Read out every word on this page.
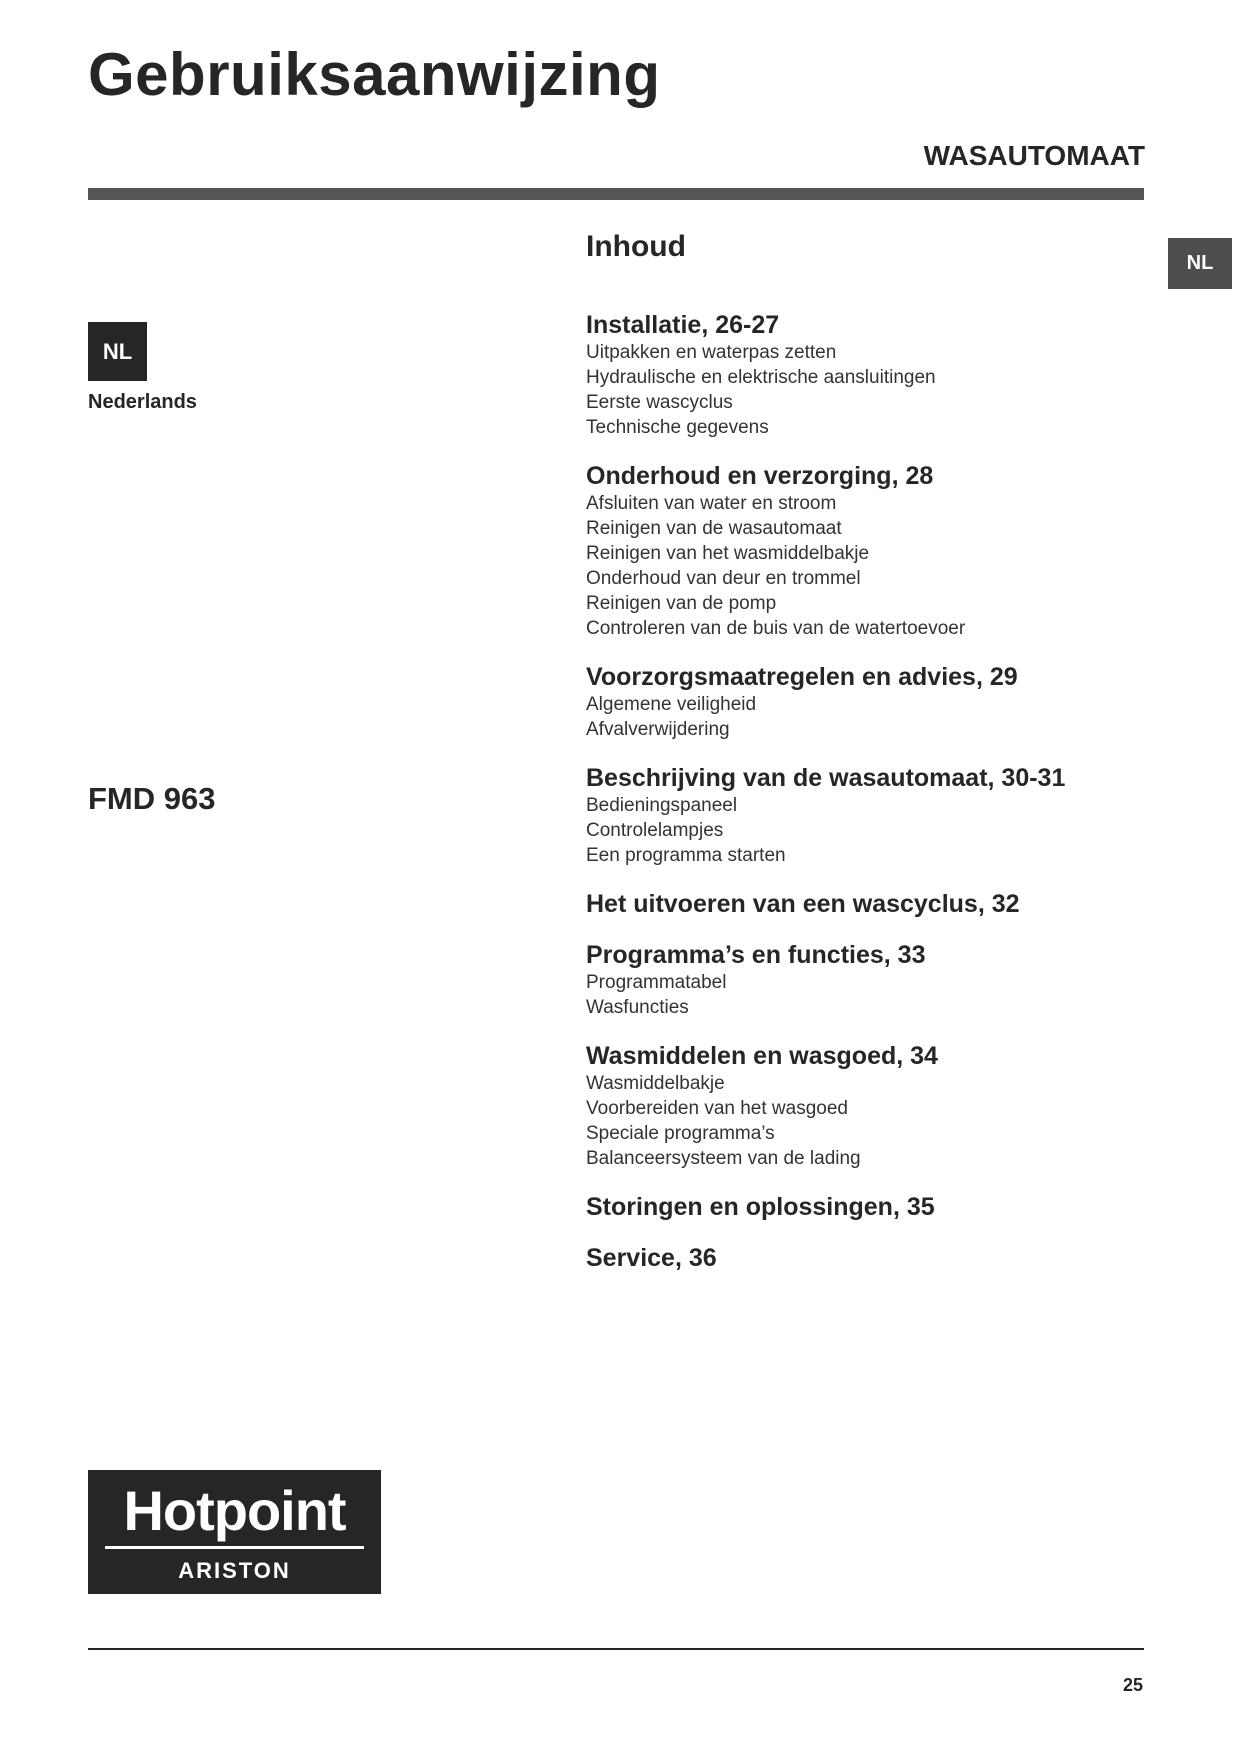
Gebruiksaanwijzing
WASAUTOMAAT
NL
NL
Nederlands
FMD 963
Inhoud
Installatie, 26-27
Uitpakken en waterpas zetten
Hydraulische en elektrische aansluitingen
Eerste wascyclus
Technische gegevens
Onderhoud en verzorging, 28
Afsluiten van water en stroom
Reinigen van de wasautomaat
Reinigen van het wasmiddelbakje
Onderhoud van deur en trommel
Reinigen van de pomp
Controleren van de buis van de watertoevoer
Voorzorgsmaatregelen en advies, 29
Algemene veiligheid
Afvalverwijdering
Beschrijving van de wasautomaat, 30-31
Bedieningspaneel
Controlelampjes
Een programma starten
Het uitvoeren van een wascyclus, 32
Programma’s en functies, 33
Programmatabel
Wasfuncties
Wasmiddelen en wasgoed, 34
Wasmiddelbakje
Voorbereiden van het wasgoed
Speciale programma’s
Balanceersysteem van de lading
Storingen en oplossingen, 35
Service, 36
Hotpoint
ARISTON
25
